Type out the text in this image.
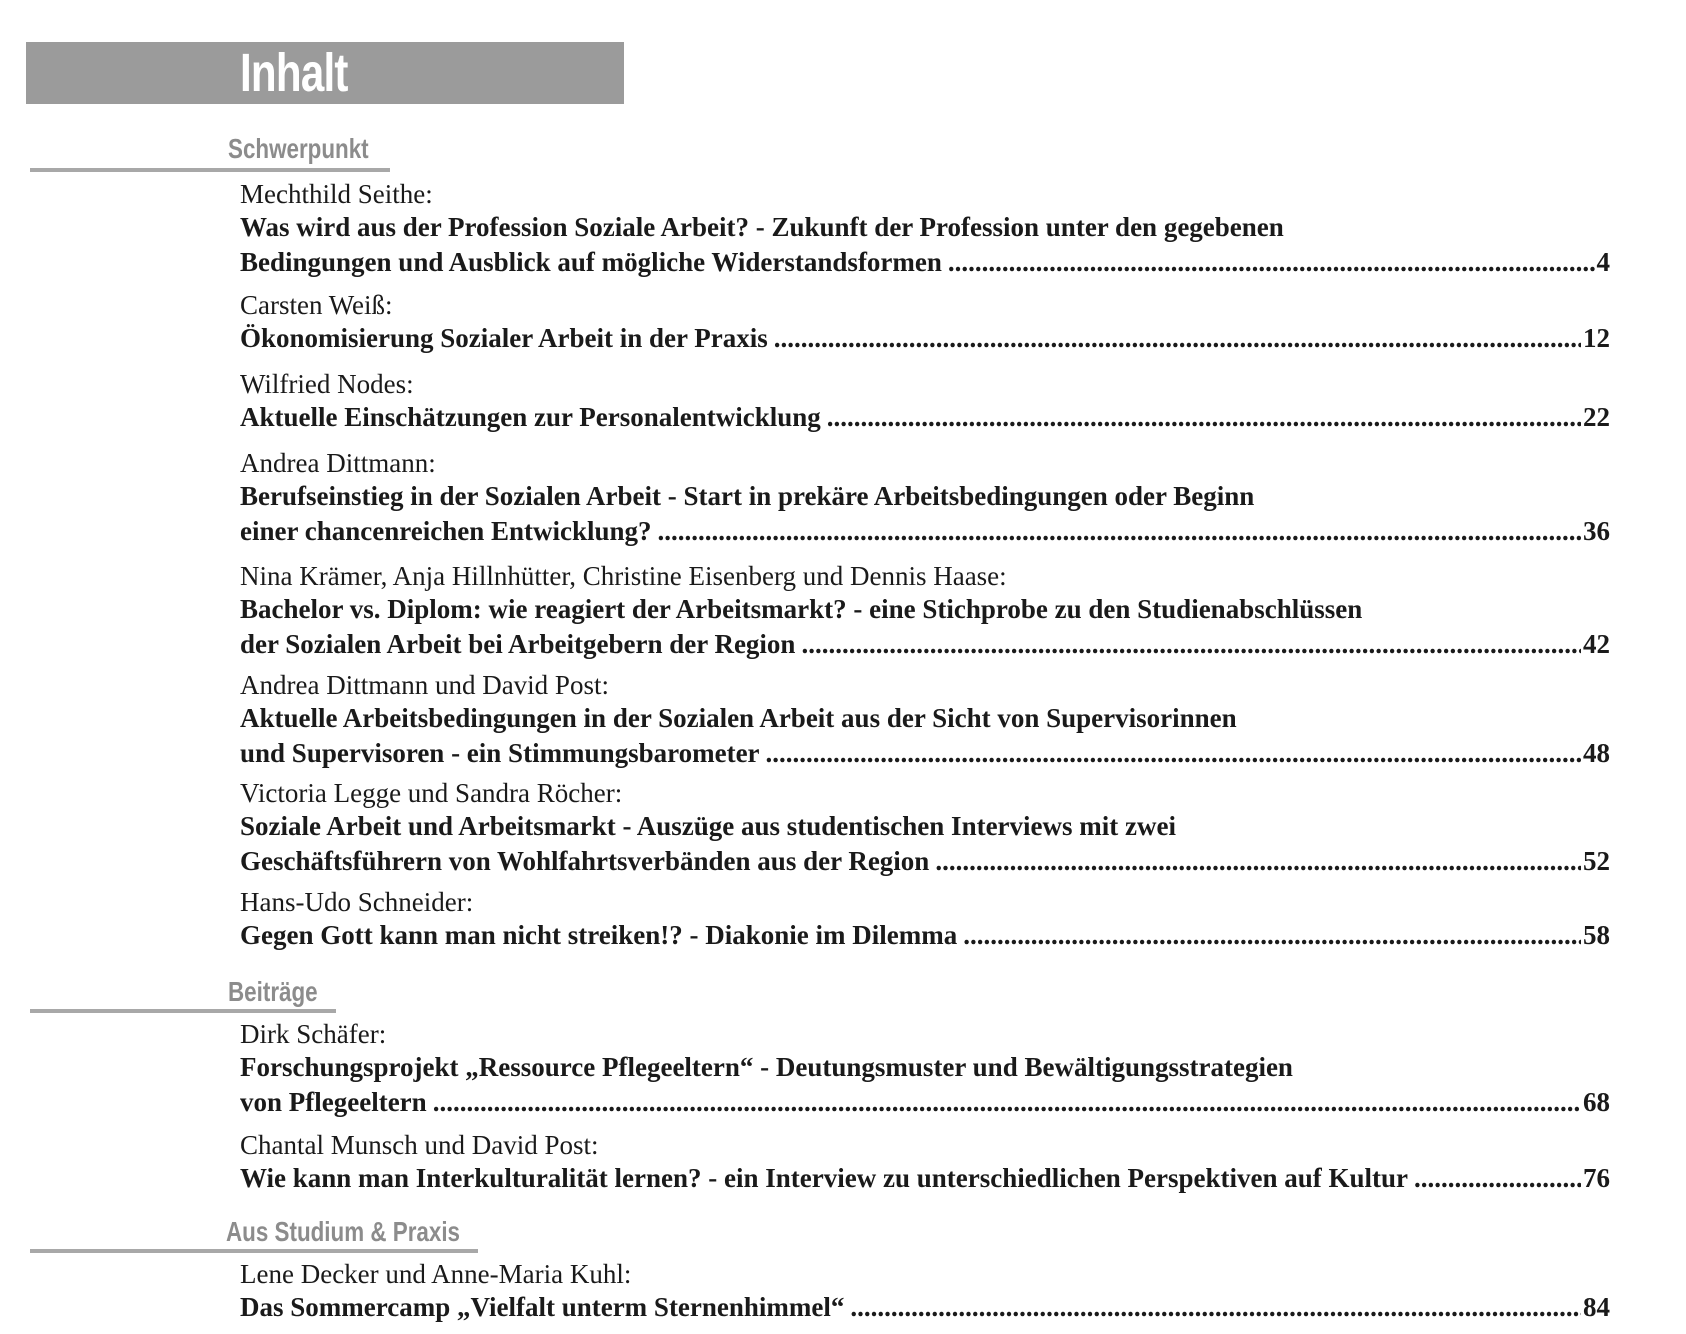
Inhalt
Schwerpunkt
Mechthild Seithe:
Was wird aus der Profession Soziale Arbeit? - Zukunft der Profession unter den gegebenen
Bedingungen und Ausblick auf mögliche Widerstandsformen .....	4
Carsten Weiß:
Ökonomisierung Sozialer Arbeit in der Praxis .....	12
Wilfried Nodes:
Aktuelle Einschätzungen zur Personalentwicklung .....	22
Andrea Dittmann:
Berufseinstieg in der Sozialen Arbeit - Start in prekäre Arbeitsbedingungen oder Beginn
einer chancenreichen Entwicklung? .....	36
Nina Krämer, Anja Hillnhütter, Christine Eisenberg und Dennis Haase:
Bachelor vs. Diplom: wie reagiert der Arbeitsmarkt? - eine Stichprobe zu den Studienabschlüssen
der Sozialen Arbeit bei Arbeitgebern der Region .....	42
Andrea Dittmann und David Post:
Aktuelle Arbeitsbedingungen in der Sozialen Arbeit aus der Sicht von Supervisorinnen
und Supervisoren - ein Stimmungsbarometer .....	48
Victoria Legge und Sandra Röcher:
Soziale Arbeit und Arbeitsmarkt - Auszüge aus studentischen Interviews mit zwei
Geschäftsführern von Wohlfahrtsverbänden aus der Region .....	52
Hans-Udo Schneider:
Gegen Gott kann man nicht streiken!? - Diakonie im Dilemma .....	58
Beiträge
Dirk Schäfer:
Forschungsprojekt „Ressource Pflegeeltern“ - Deutungsmuster und Bewältigungsstrategien
von Pflegeeltern .....	68
Chantal Munsch und David Post:
Wie kann man Interkulturalität lernen? - ein Interview zu unterschiedlichen Perspektiven auf Kultur .....	76
Aus Studium & Praxis
Lene Decker und Anne-Maria Kuhl:
Das Sommercamp „Vielfalt unterm Sternenhimmel“ .....	84
